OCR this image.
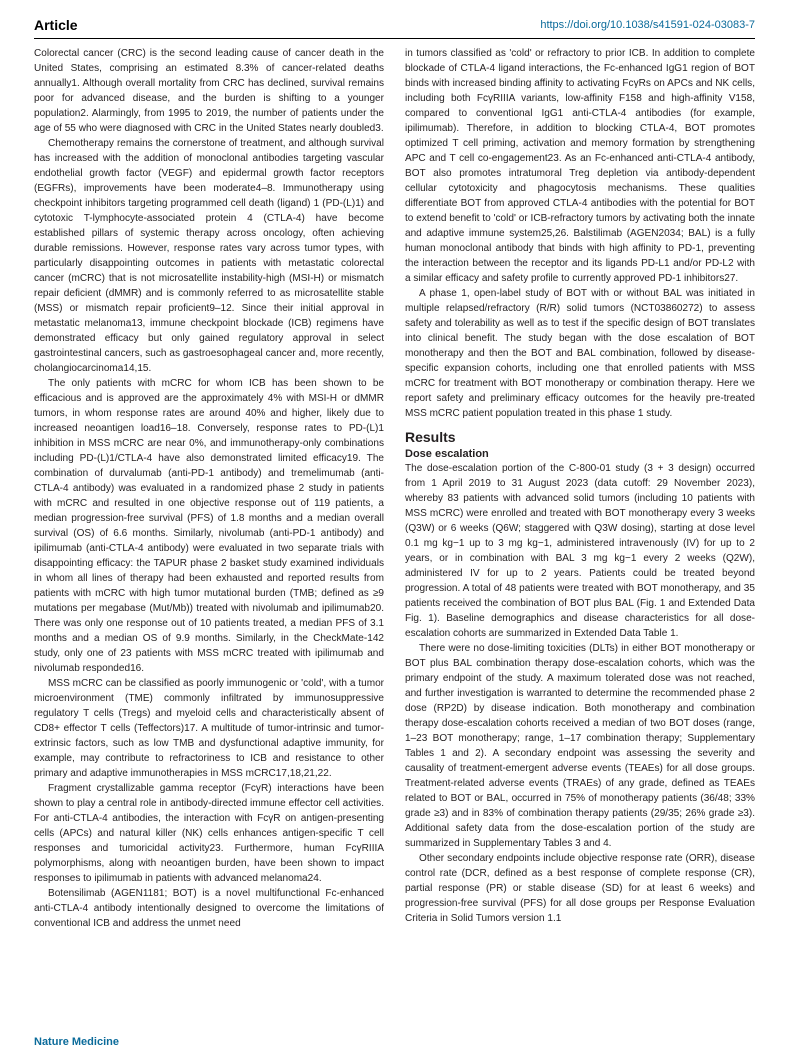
Article	https://doi.org/10.1038/s41591-024-03083-7

Colorectal cancer (CRC) is the second leading cause of cancer death in the United States, comprising an estimated 8.3% of cancer-related deaths annually1. Although overall mortality from CRC has declined, survival remains poor for advanced disease, and the burden is shifting to a younger population2. Alarmingly, from 1995 to 2019, the number of patients under the age of 55 who were diagnosed with CRC in the United States nearly doubled3.

Chemotherapy remains the cornerstone of treatment, and although survival has increased with the addition of monoclonal antibodies targeting vascular endothelial growth factor (VEGF) and epidermal growth factor receptors (EGFRs), improvements have been moderate4–8. Immunotherapy using checkpoint inhibitors targeting programmed cell death (ligand) 1 (PD-(L)1) and cytotoxic T-lymphocyte-associated protein 4 (CTLA-4) have become established pillars of systemic therapy across oncology, often achieving durable remissions. However, response rates vary across tumor types, with particularly disappointing outcomes in patients with metastatic colorectal cancer (mCRC) that is not microsatellite instability-high (MSI-H) or mismatch repair deficient (dMMR) and is commonly referred to as microsatellite stable (MSS) or mismatch repair proficient9–12. Since their initial approval in metastatic melanoma13, immune checkpoint blockade (ICB) regimens have demonstrated efficacy but only gained regulatory approval in select gastrointestinal cancers, such as gastroesophageal cancer and, more recently, cholangiocarcinoma14,15.

The only patients with mCRC for whom ICB has been shown to be efficacious and is approved are the approximately 4% with MSI-H or dMMR tumors, in whom response rates are around 40% and higher, likely due to increased neoantigen load16–18. Conversely, response rates to PD-(L)1 inhibition in MSS mCRC are near 0%, and immunotherapy-only combinations including PD-(L)1/CTLA-4 have also demonstrated limited efficacy19. The combination of durvalumab (anti-PD-1 antibody) and tremelimumab (anti-CTLA-4 antibody) was evaluated in a randomized phase 2 study in patients with mCRC and resulted in one objective response out of 119 patients, a median progression-free survival (PFS) of 1.8 months and a median overall survival (OS) of 6.6 months. Similarly, nivolumab (anti-PD-1 antibody) and ipilimumab (anti-CTLA-4 antibody) were evaluated in two separate trials with disappointing efficacy: the TAPUR phase 2 basket study examined individuals in whom all lines of therapy had been exhausted and reported results from patients with mCRC with high tumor mutational burden (TMB; defined as ≥9 mutations per megabase (Mut/Mb)) treated with nivolumab and ipilimumab20. There was only one response out of 10 patients treated, a median PFS of 3.1 months and a median OS of 9.9 months. Similarly, in the CheckMate-142 study, only one of 23 patients with MSS mCRC treated with ipilimumab and nivolumab responded16.

MSS mCRC can be classified as poorly immunogenic or 'cold', with a tumor microenvironment (TME) commonly infiltrated by immunosuppressive regulatory T cells (Tregs) and myeloid cells and characteristically absent of CD8+ effector T cells (Teffectors)17. A multitude of tumor-intrinsic and tumor-extrinsic factors, such as low TMB and dysfunctional adaptive immunity, for example, may contribute to refractoriness to ICB and resistance to other primary and adaptive immunotherapies in MSS mCRC17,18,21,22.

Fragment crystallizable gamma receptor (FcγR) interactions have been shown to play a central role in antibody-directed immune effector cell activities. For anti-CTLA-4 antibodies, the interaction with FcγR on antigen-presenting cells (APCs) and natural killer (NK) cells enhances antigen-specific T cell responses and tumoricidal activity23. Furthermore, human FcγRIIIA polymorphisms, along with neoantigen burden, have been shown to impact responses to ipilimumab in patients with advanced melanoma24.

Botensilimab (AGEN1181; BOT) is a novel multifunctional Fc-enhanced anti-CTLA-4 antibody intentionally designed to overcome the limitations of conventional ICB and address the unmet need

in tumors classified as 'cold' or refractory to prior ICB. In addition to complete blockade of CTLA-4 ligand interactions, the Fc-enhanced IgG1 region of BOT binds with increased binding affinity to activating FcγRs on APCs and NK cells, including both FcγRIIIA variants, low-affinity F158 and high-affinity V158, compared to conventional IgG1 anti-CTLA-4 antibodies (for example, ipilimumab). Therefore, in addition to blocking CTLA-4, BOT promotes optimized T cell priming, activation and memory formation by strengthening APC and T cell co-engagement23. As an Fc-enhanced anti-CTLA-4 antibody, BOT also promotes intratumoral Treg depletion via antibody-dependent cellular cytotoxicity and phagocytosis mechanisms. These qualities differentiate BOT from approved CTLA-4 antibodies with the potential for BOT to extend benefit to 'cold' or ICB-refractory tumors by activating both the innate and adaptive immune system25,26. Balstilimab (AGEN2034; BAL) is a fully human monoclonal antibody that binds with high affinity to PD-1, preventing the interaction between the receptor and its ligands PD-L1 and/or PD-L2 with a similar efficacy and safety profile to currently approved PD-1 inhibitors27.

A phase 1, open-label study of BOT with or without BAL was initiated in multiple relapsed/refractory (R/R) solid tumors (NCT03860272) to assess safety and tolerability as well as to test if the specific design of BOT translates into clinical benefit. The study began with the dose escalation of BOT monotherapy and then the BOT and BAL combination, followed by disease-specific expansion cohorts, including one that enrolled patients with MSS mCRC for treatment with BOT monotherapy or combination therapy. Here we report safety and preliminary efficacy outcomes for the heavily pre-treated MSS mCRC patient population treated in this phase 1 study.

Results
Dose escalation

The dose-escalation portion of the C-800-01 study (3 + 3 design) occurred from 1 April 2019 to 31 August 2023 (data cutoff: 29 November 2023), whereby 83 patients with advanced solid tumors (including 10 patients with MSS mCRC) were enrolled and treated with BOT monotherapy every 3 weeks (Q3W) or 6 weeks (Q6W; staggered with Q3W dosing), starting at dose level 0.1 mg kg−1 up to 3 mg kg−1, administered intravenously (IV) for up to 2 years, or in combination with BAL 3 mg kg−1 every 2 weeks (Q2W), administered IV for up to 2 years. Patients could be treated beyond progression. A total of 48 patients were treated with BOT monotherapy, and 35 patients received the combination of BOT plus BAL (Fig. 1 and Extended Data Fig. 1). Baseline demographics and disease characteristics for all dose-escalation cohorts are summarized in Extended Data Table 1.

There were no dose-limiting toxicities (DLTs) in either BOT monotherapy or BOT plus BAL combination therapy dose-escalation cohorts, which was the primary endpoint of the study. A maximum tolerated dose was not reached, and further investigation is warranted to determine the recommended phase 2 dose (RP2D) by disease indication. Both monotherapy and combination therapy dose-escalation cohorts received a median of two BOT doses (range, 1–23 BOT monotherapy; range, 1–17 combination therapy; Supplementary Tables 1 and 2). A secondary endpoint was assessing the severity and causality of treatment-emergent adverse events (TEAEs) for all dose groups. Treatment-related adverse events (TRAEs) of any grade, defined as TEAEs related to BOT or BAL, occurred in 75% of monotherapy patients (36/48; 33% grade ≥3) and in 83% of combination therapy patients (29/35; 26% grade ≥3). Additional safety data from the dose-escalation portion of the study are summarized in Supplementary Tables 3 and 4.

Other secondary endpoints include objective response rate (ORR), disease control rate (DCR, defined as a best response of complete response (CR), partial response (PR) or stable disease (SD) for at least 6 weeks) and progression-free survival (PFS) for all dose groups per Response Evaluation Criteria in Solid Tumors version 1.1

Nature Medicine
